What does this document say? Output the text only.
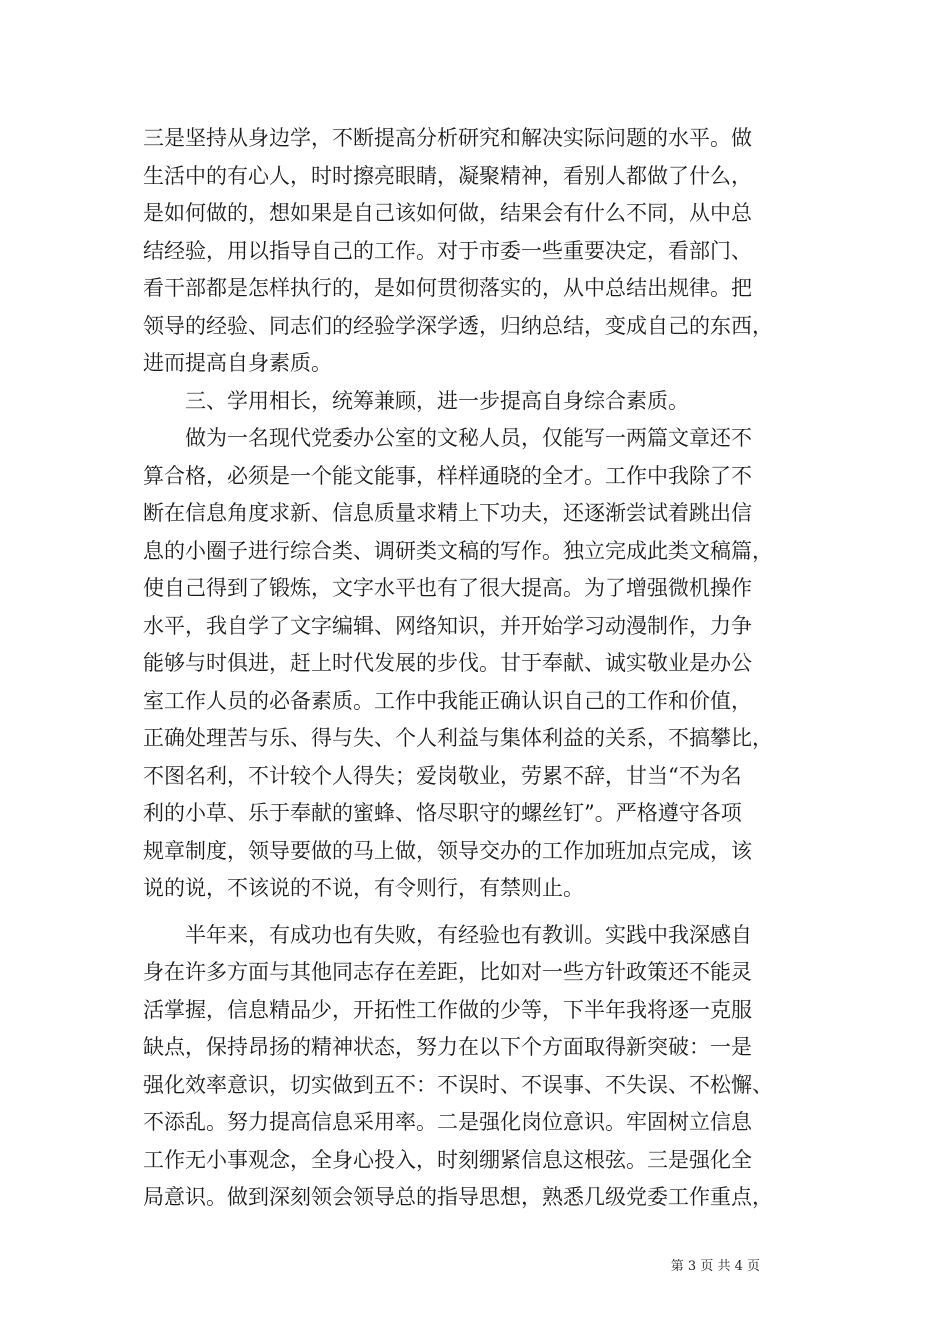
三是坚持从身边学，不断提高分析研究和解决实际问题的水平。做
生活中的有心人，时时擦亮眼睛，凝聚精神，看别人都做了什么，
是如何做的，想如果是自己该如何做，结果会有什么不同，从中总
结经验，用以指导自己的工作。对于市委一些重要决定，看部门、
看干部都是怎样执行的，是如何贯彻落实的，从中总结出规律。把
领导的经验、同志们的经验学深学透，归纳总结，变成自己的东西，
进而提高自身素质。
三、学用相长，统筹兼顾，进一步提高自身综合素质。
做为一名现代党委办公室的文秘人员，仅能写一两篇文章还不
算合格，必须是一个能文能事，样样通晓的全才。工作中我除了不
断在信息角度求新、信息质量求精上下功夫，还逐渐尝试着跳出信
息的小圈子进行综合类、调研类文稿的写作。独立完成此类文稿篇，
使自己得到了锻炼，文字水平也有了很大提高。为了增强微机操作
水平，我自学了文字编辑、网络知识，并开始学习动漫制作，力争
能够与时俱进，赶上时代发展的步伐。甘于奉献、诚实敬业是办公
室工作人员的必备素质。工作中我能正确认识自己的工作和价值，
正确处理苦与乐、得与失、个人利益与集体利益的关系，不搞攀比，
不图名利，不计较个人得失；爱岗敬业，劳累不辞，甘当“不为名
利的小草、乐于奉献的蜜蜂、恪尽职守的螺丝钉”。严格遵守各项
规章制度，领导要做的马上做，领导交办的工作加班加点完成，该
说的说，不该说的不说，有令则行，有禁则止。
半年来，有成功也有失败，有经验也有教训。实践中我深感自
身在许多方面与其他同志存在差距，比如对一些方针政策还不能灵
活掌握，信息精品少，开拓性工作做的少等，下半年我将逐一克服
缺点，保持昂扬的精神状态，努力在以下个方面取得新突破：一是
强化效率意识，切实做到五不：不误时、不误事、不失误、不松懈、
不添乱。努力提高信息采用率。二是强化岗位意识。牢固树立信息
工作无小事观念，全身心投入，时刻绷紧信息这根弦。三是强化全
局意识。做到深刻领会领导总的指导思想，熟悉几级党委工作重点，
第 3 页 共 4 页
